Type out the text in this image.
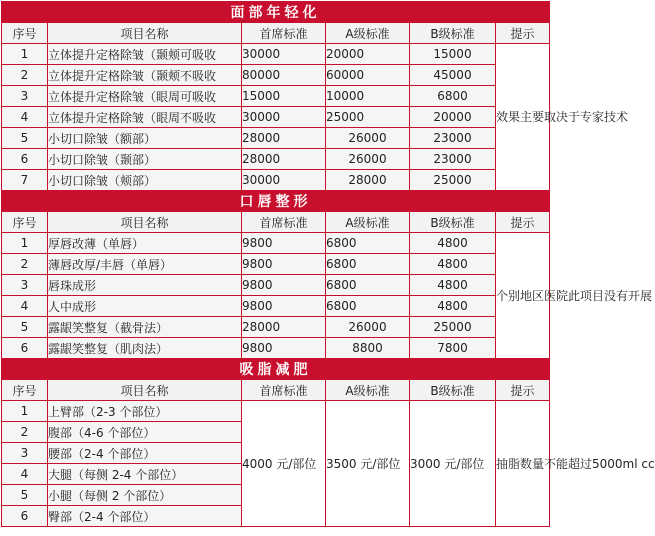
面部年轻化					
序号	项目名称	首席标准	A级标准	B级标准	提示
1	立体提升定格除皱（颞颊可吸收	30000	20000	15000	效果主要取决于专家技术
2	立体提升定格除皱（颞颊不吸收	80000	60000	45000	
3	立体提升定格除皱（眼周可吸收	15000	10000	6800	
4	立体提升定格除皱（眼周不吸收	30000	25000	20000	
5	小切口除皱（额部）	28000	26000	23000	
6	小切口除皱（颞部）	28000	26000	23000	
7	小切口除皱（颊部）	30000	28000	25000	
口唇整形					
序号	项目名称	首席标准	A级标准	B级标准	提示
1	厚唇改薄（单唇）	9800	6800	4800	个别地区医院此项目没有开展
2	薄唇改厚/丰唇（单唇）	9800	6800	4800	
3	唇珠成形	9800	6800	4800	
4	人中成形	9800	6800	4800	
5	露龈笑整复（截骨法）	28000	26000	25000	
6	露龈笑整复（肌肉法）	9800	8800	7800	
吸脂减肥					
序号	项目名称	首席标准	A级标准	B级标准	提示
1	上臂部（2-3 个部位）	4000 元/部位	3500 元/部位	3000 元/部位	抽脂数量不能超过5000ml cc
2	腹部（4-6 个部位）				
3	腰部（2-4 个部位）				
4	大腿（每侧 2-4 个部位）				
5	小腿（每侧 2 个部位）				
6	臀部（2-4 个部位）				
